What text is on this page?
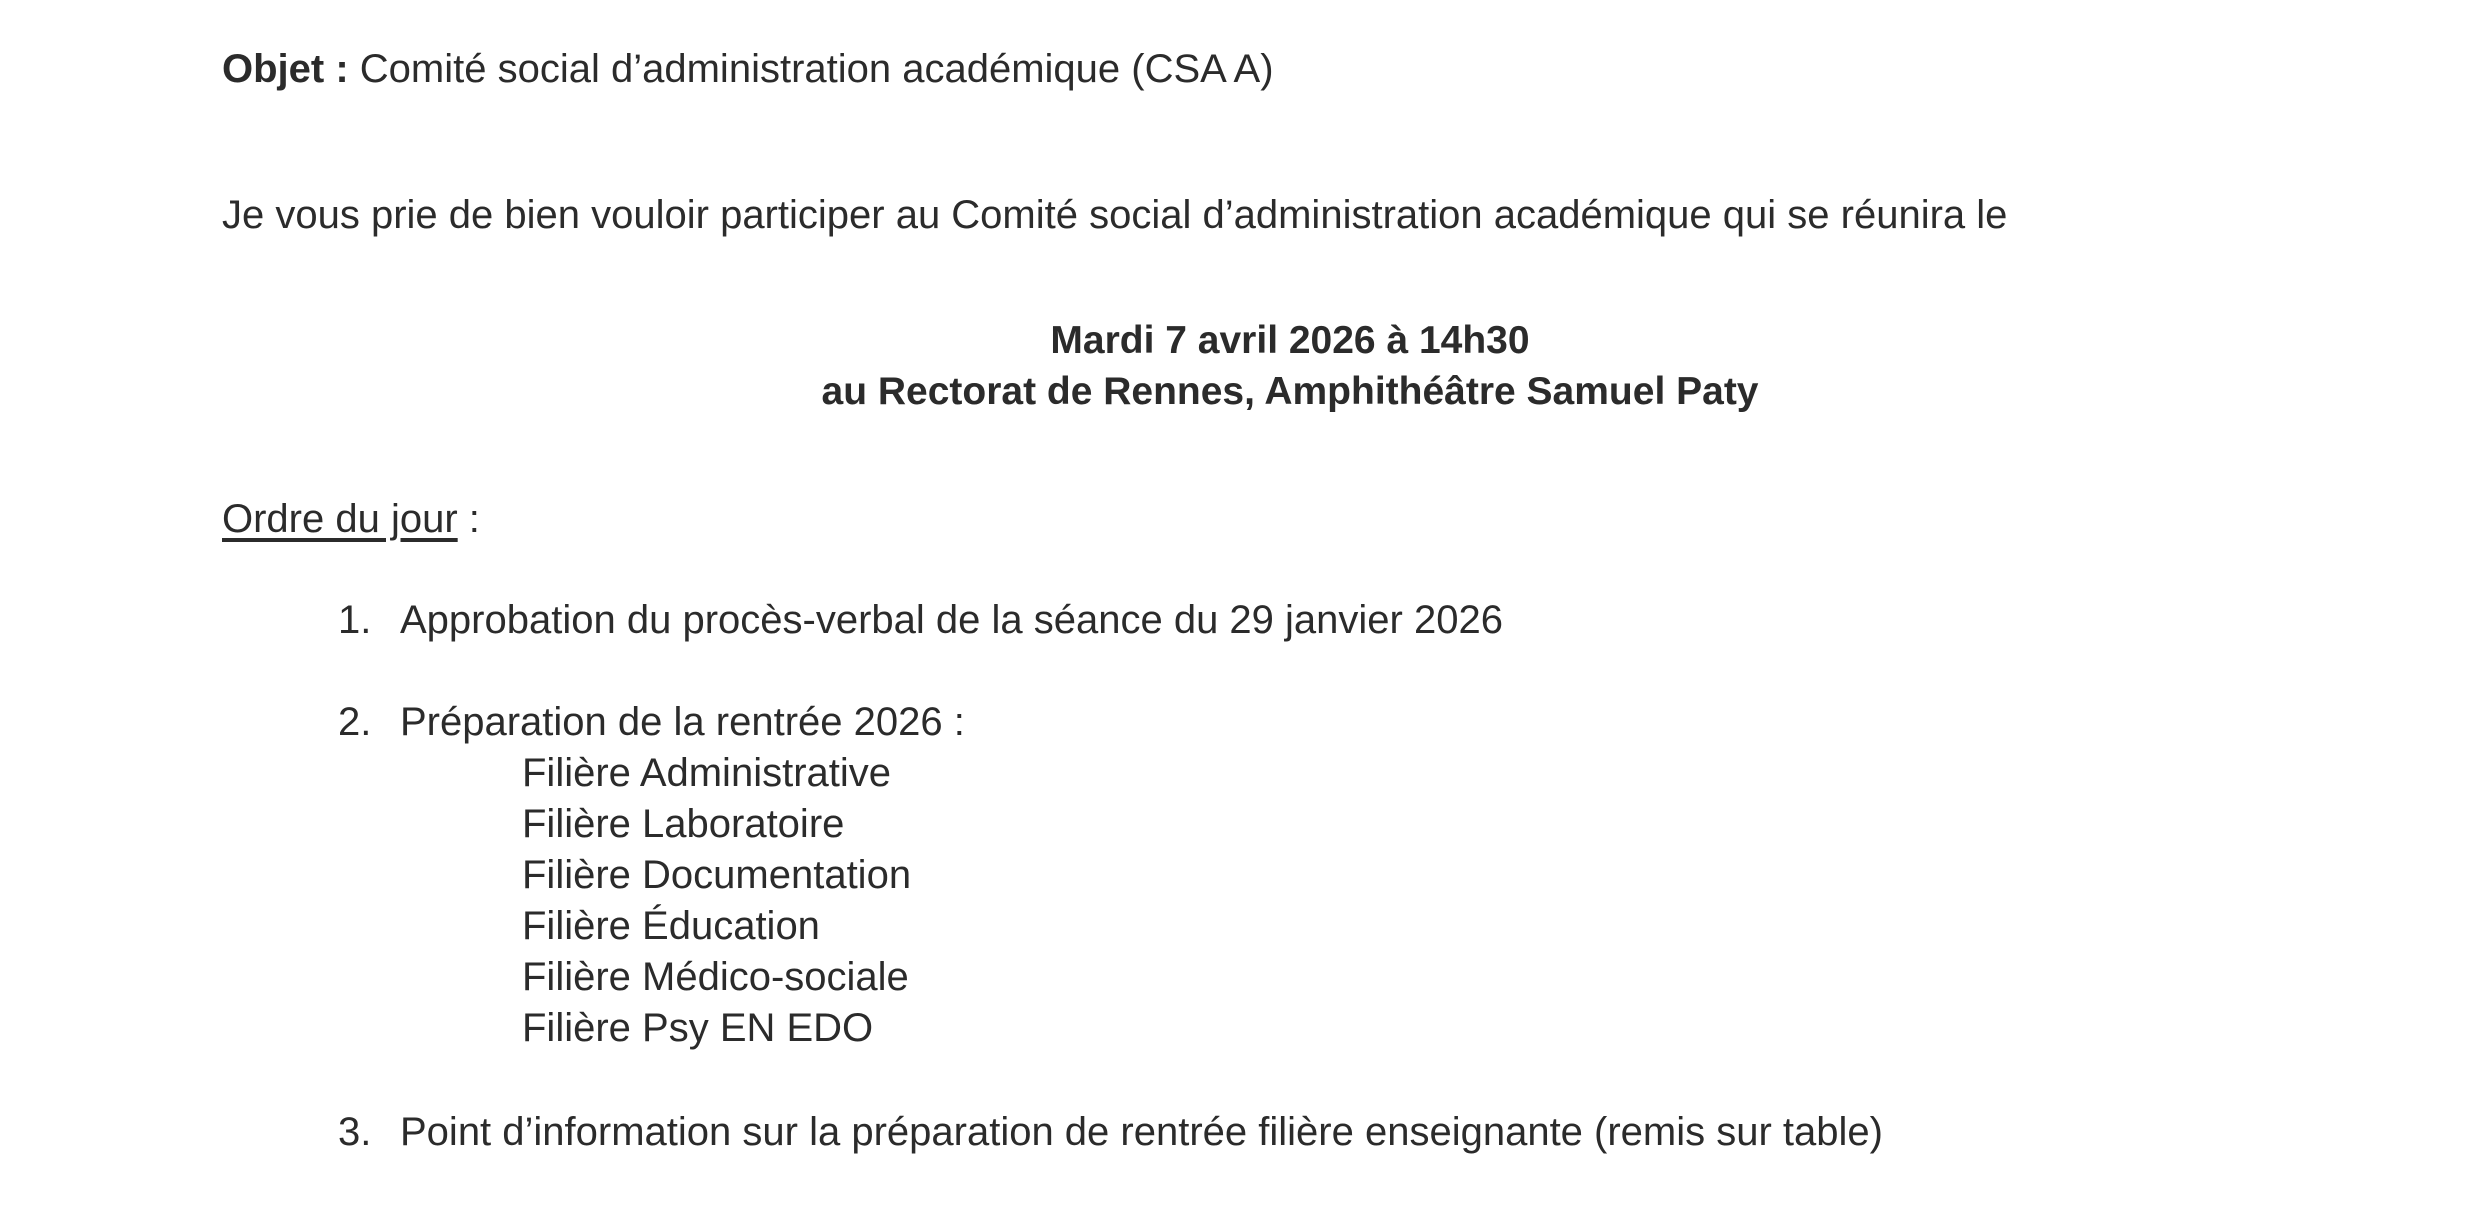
Objet : Comité social d’administration académique (CSA A)
Je vous prie de bien vouloir participer au Comité social d’administration académique qui se réunira le
Mardi 7 avril 2026 à 14h30
au Rectorat de Rennes, Amphithéâtre Samuel Paty
Ordre du jour :
1. Approbation du procès-verbal de la séance du 29 janvier 2026
2. Préparation de la rentrée 2026 :
Filière Administrative
Filière Laboratoire
Filière Documentation
Filière Éducation
Filière Médico-sociale
Filière Psy EN EDO
3. Point d’information sur la préparation de rentrée filière enseignante (remis sur table)
